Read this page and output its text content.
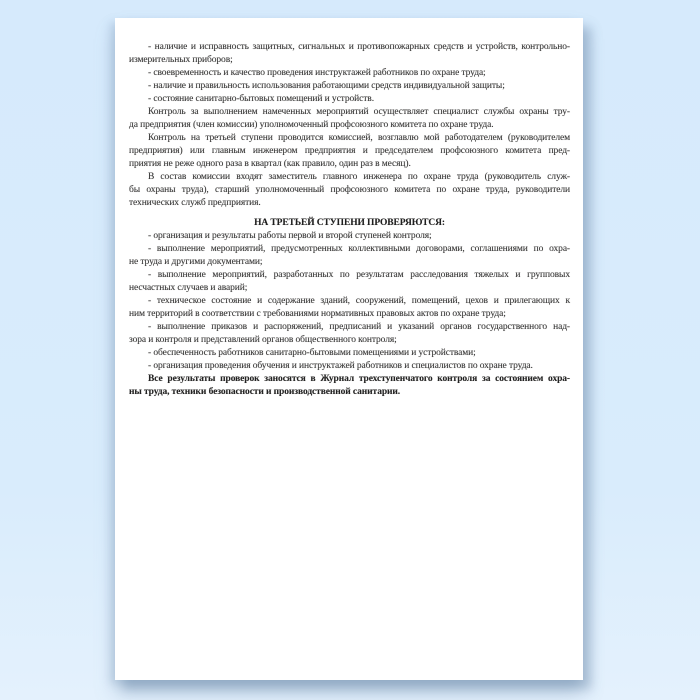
- наличие и исправность защитных, сигнальных и противопожарных средств и устройств, контрольно-
измерительных приборов;
- своевременность и качество проведения инструктажей работников по охране труда;
- наличие и правильность использования работающими средств индивидуальной защиты;
- состояние санитарно-бытовых помещений и устройств.
Контроль за выполнением намеченных мероприятий осуществляет специалист службы охраны тру-
да предприятия (член комиссии) уполномоченный профсоюзного комитета по охране труда.
Контроль на третьей ступени проводится комиссией, возглавлю мой работодателем (руководителем
предприятия) или главным инженером предприятия и председателем профсоюзного комитета пред-
приятия не реже одного раза в квартал (как правило, один раз в месяц).
В состав комиссии входят заместитель главного инженера по охране труда (руководитель служ-
бы охраны труда), старший уполномоченный профсоюзного комитета по охране труда, руководители
технических служб предприятия.
НА ТРЕТЬЕЙ СТУПЕНИ ПРОВЕРЯЮТСЯ:
- организация и результаты работы первой и второй ступеней контроля;
- выполнение мероприятий, предусмотренных коллективными договорами, соглашениями по охра-
не труда и другими документами;
- выполнение мероприятий, разработанных по результатам расследования тяжелых и групповых
несчастных случаев и аварий;
- техническое состояние и содержание зданий, сооружений, помещений, цехов и прилегающих к
ним территорий в соответствии с требованиями нормативных правовых актов по охране труда;
- выполнение приказов и распоряжений, предписаний и указаний органов государственного над-
зора и контроля и представлений органов общественного контроля;
- обеспеченность работников санитарно-бытовыми помещениями и устройствами;
- организация проведения обучения и инструктажей работников и специалистов по охране труда.
Все результаты проверок заносятся в Журнал трехступенчатого контроля за состоянием охра-
ны труда, техники безопасности и производственной санитарии.
